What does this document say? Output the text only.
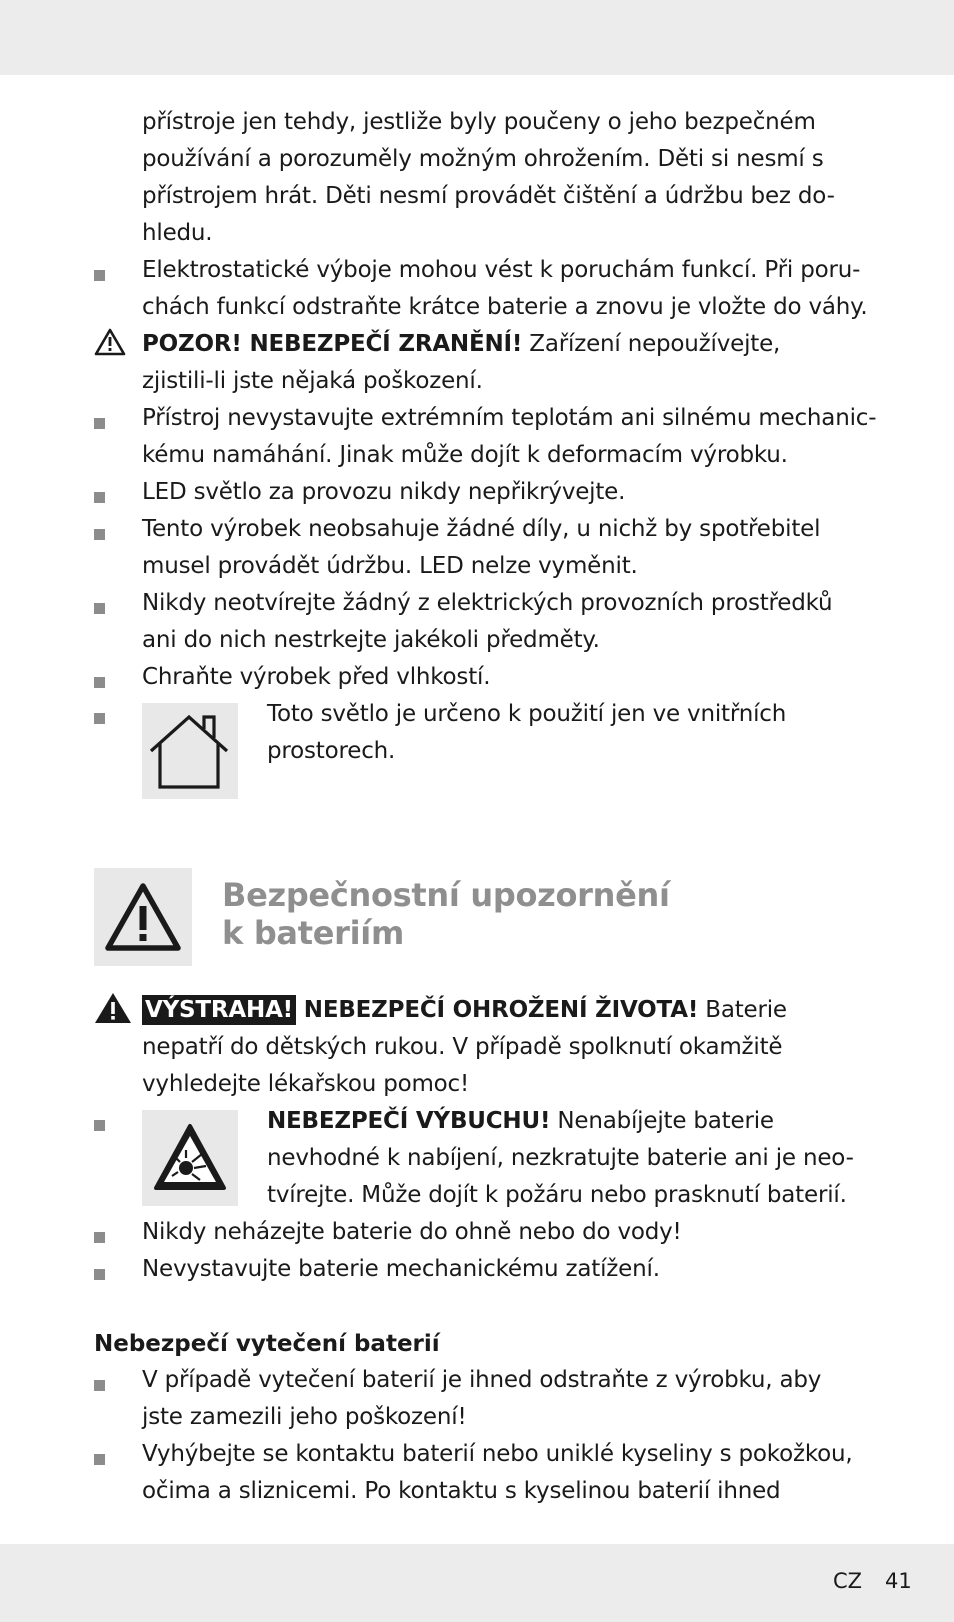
přístroje jen tehdy, jestliže byly poučeny o jeho bezpečném
používání a porozuměly možným ohrožením. Děti si nesmí s
přístrojem hrát. Děti nesmí provádět čištění a údržbu bez do-
hledu.
Elektrostatické výboje mohou vést k poruchám funkcí. Při poru-
chách funkcí odstraňte krátce baterie a znovu je vložte do váhy.
POZOR! NEBEZPEČÍ ZRANĚNÍ! Zařízení nepoužívejte,
zjistili-li jste nějaká poškození.
Přístroj nevystavujte extrémním teplotám ani silnému mechanic-
kému namáhání. Jinak může dojít k deformacím výrobku.
LED světlo za provozu nikdy nepřikrývejte.
Tento výrobek neobsahuje žádné díly, u nichž by spotřebitel
musel provádět údržbu. LED nelze vyměnit.
Nikdy neotvírejte žádný z elektrických provozních prostředků
ani do nich nestrkejte jakékoli předměty.
Chraňte výrobek před vlhkostí.
Toto světlo je určeno k použití jen ve vnitřních
prostorech.
Bezpečnostní upozornění
k bateriím
VÝSTRAHA! NEBEZPEČÍ OHROŽENÍ ŽIVOTA! Baterie
nepatří do dětských rukou. V případě spolknutí okamžitě
vyhledejte lékařskou pomoc!
NEBEZPEČÍ VÝBUCHU! Nenabíjejte baterie
nevhodné k nabíjení, nezkratujte baterie ani je neo-
tvírejte. Může dojít k požáru nebo prasknutí baterií.
Nikdy neházejte baterie do ohně nebo do vody!
Nevystavujte baterie mechanickému zatížení.
Nebezpečí vytečení baterií
V případě vytečení baterií je ihned odstraňte z výrobku, aby
jste zamezili jeho poškození!
Vyhýbejte se kontaktu baterií nebo uniklé kyseliny s pokožkou,
očima a sliznicemi. Po kontaktu s kyselinou baterií ihned
CZ 41
